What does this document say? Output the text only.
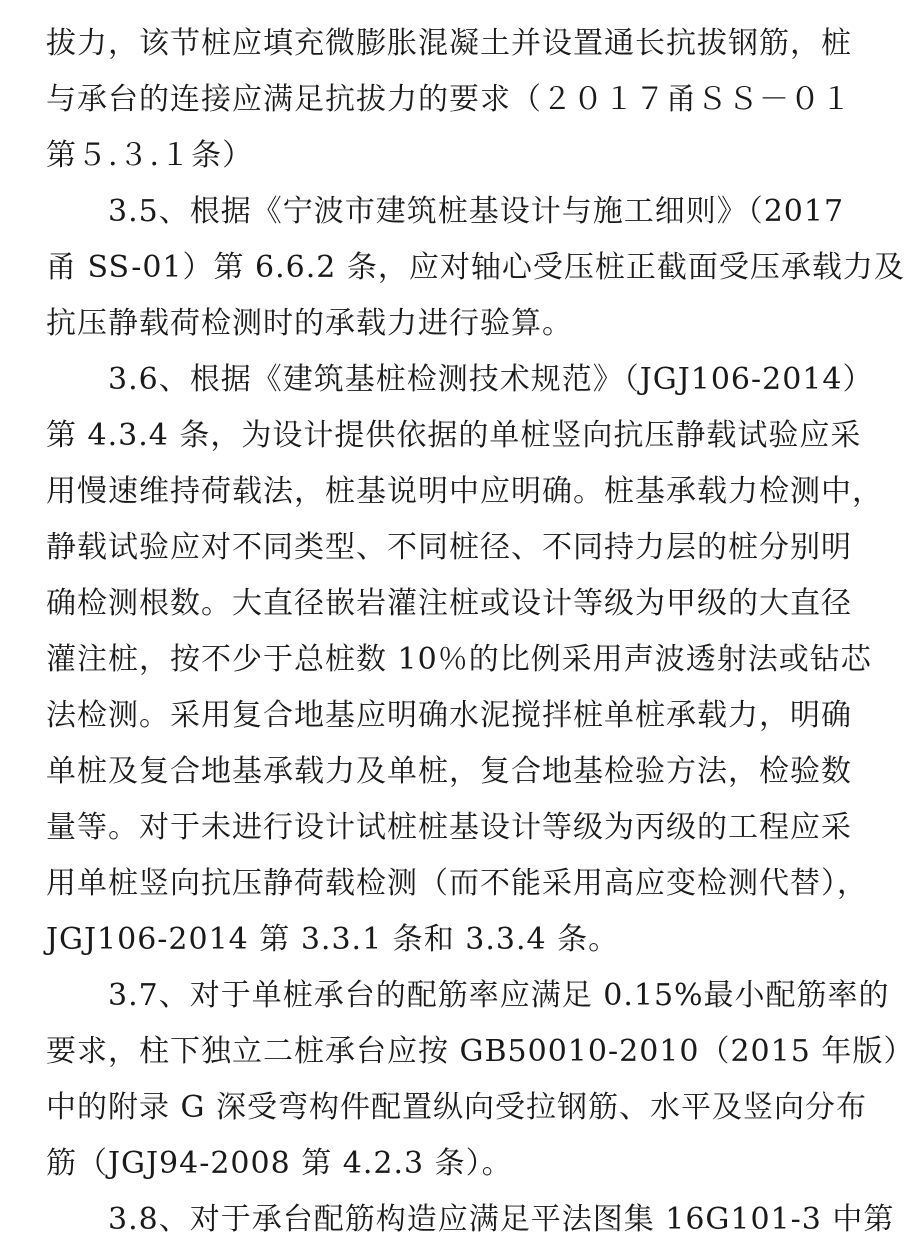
拔力，该节桩应填充微膨胀混凝土并设置通长抗拔钢筋，桩
与承台的连接应满足抗拔力的要求（２０１７甬ＳＳ－０１
第５.３.１条）
3.5、根据《宁波市建筑桩基设计与施工细则》（2017
甬 SS-01）第 6.6.2 条，应对轴心受压桩正截面受压承载力及
抗压静载荷检测时的承载力进行验算。
3.6、根据《建筑基桩检测技术规范》（JGJ106-2014）
第 4.3.4 条，为设计提供依据的单桩竖向抗压静载试验应采
用慢速维持荷载法，桩基说明中应明确。桩基承载力检测中，
静载试验应对不同类型、不同桩径、不同持力层的桩分别明
确检测根数。大直径嵌岩灌注桩或设计等级为甲级的大直径
灌注桩，按不少于总桩数 10％的比例采用声波透射法或钻芯
法检测。采用复合地基应明确水泥搅拌桩单桩承载力，明确
单桩及复合地基承载力及单桩，复合地基检验方法，检验数
量等。对于未进行设计试桩桩基设计等级为丙级的工程应采
用单桩竖向抗压静荷载检测（而不能采用高应变检测代替），
JGJ106-2014 第 3.3.1 条和 3.3.4 条。
3.7、对于单桩承台的配筋率应满足 0.15%最小配筋率的
要求，柱下独立二桩承台应按 GB50010-2010（2015 年版）
中的附录 G 深受弯构件配置纵向受拉钢筋、水平及竖向分布
筋（JGJ94-2008 第 4.2.3 条）。
3.8、对于承台配筋构造应满足平法图集 16G101-3 中第
